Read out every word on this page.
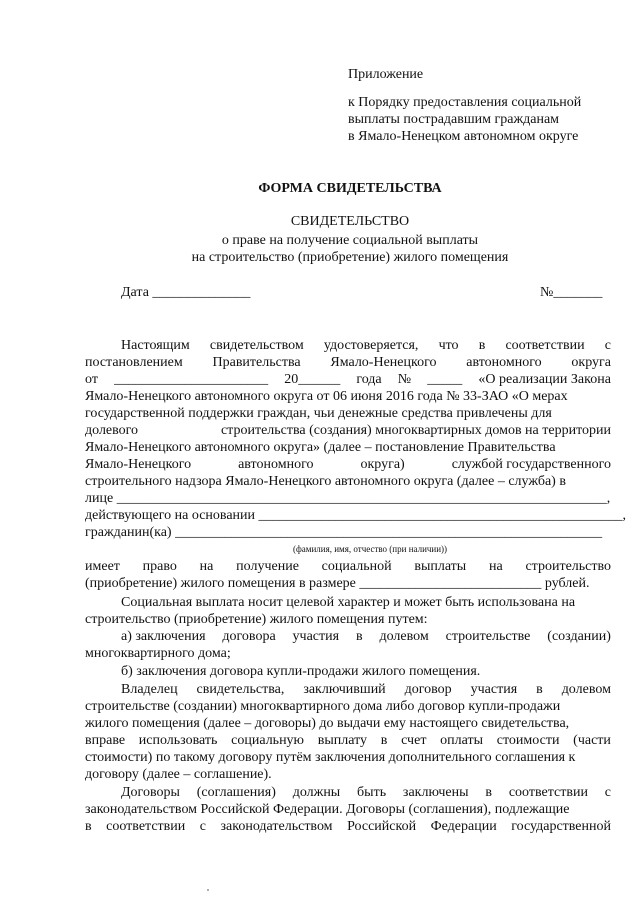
Приложение
к Порядку предоставления социальной
выплаты пострадавшим гражданам
в Ямало-Ненецком автономном округе
ФОРМА СВИДЕТЕЛЬСТВА
СВИДЕТЕЛЬСТВО
о праве на получение социальной выплаты
на строительство (приобретение) жилого помещения
Дата ______________	№_______
Настоящим свидетельством удостоверяется, что в соответствии с
постановлением Правительства Ямало-Ненецкого автономного округа
от ______________________ 20______ года № _____ «О реализации Закона
Ямало-Ненецкого автономного округа от 06 июня 2016 года № 33-ЗАО «О мерах
государственной поддержки граждан, чьи денежные средства привлечены для
долевого	строительства (создания) многоквартирных домов на территории
Ямало-Ненецкого автономного округа» (далее – постановление Правительства
Ямало-Ненецкого	автономного	округа)	службой государственного
строительного надзора Ямало-Ненецкого автономного округа (далее – служба) в
лице ______________________________________________________________________,
действующего на основании ____________________________________________________,
гражданин(ка) _____________________________________________________________
(фамилия, имя, отчество (при наличии))
имеет право на получение социальной выплаты на строительство
(приобретение) жилого помещения в размере __________________________ рублей.
Социальная выплата носит целевой характер и может быть использована на
строительство (приобретение) жилого помещения путем:
а) заключения договора участия в долевом строительстве (создании)
многоквартирного дома;
б) заключения договора купли-продажи жилого помещения.
Владелец свидетельства, заключивший договор участия в долевом
строительстве (создании) многоквартирного дома либо договор купли-продажи
жилого помещения (далее – договоры) до выдачи ему настоящего свидетельства,
вправе использовать социальную выплату в счет оплаты стоимости (части
стоимости) по такому договору путём заключения дополнительного соглашения к
договору (далее – соглашение).
Договоры (соглашения) должны быть заключены в соответствии с
законодательством Российской Федерации. Договоры (соглашения), подлежащие
в соответствии с законодательством Российской Федерации государственной
